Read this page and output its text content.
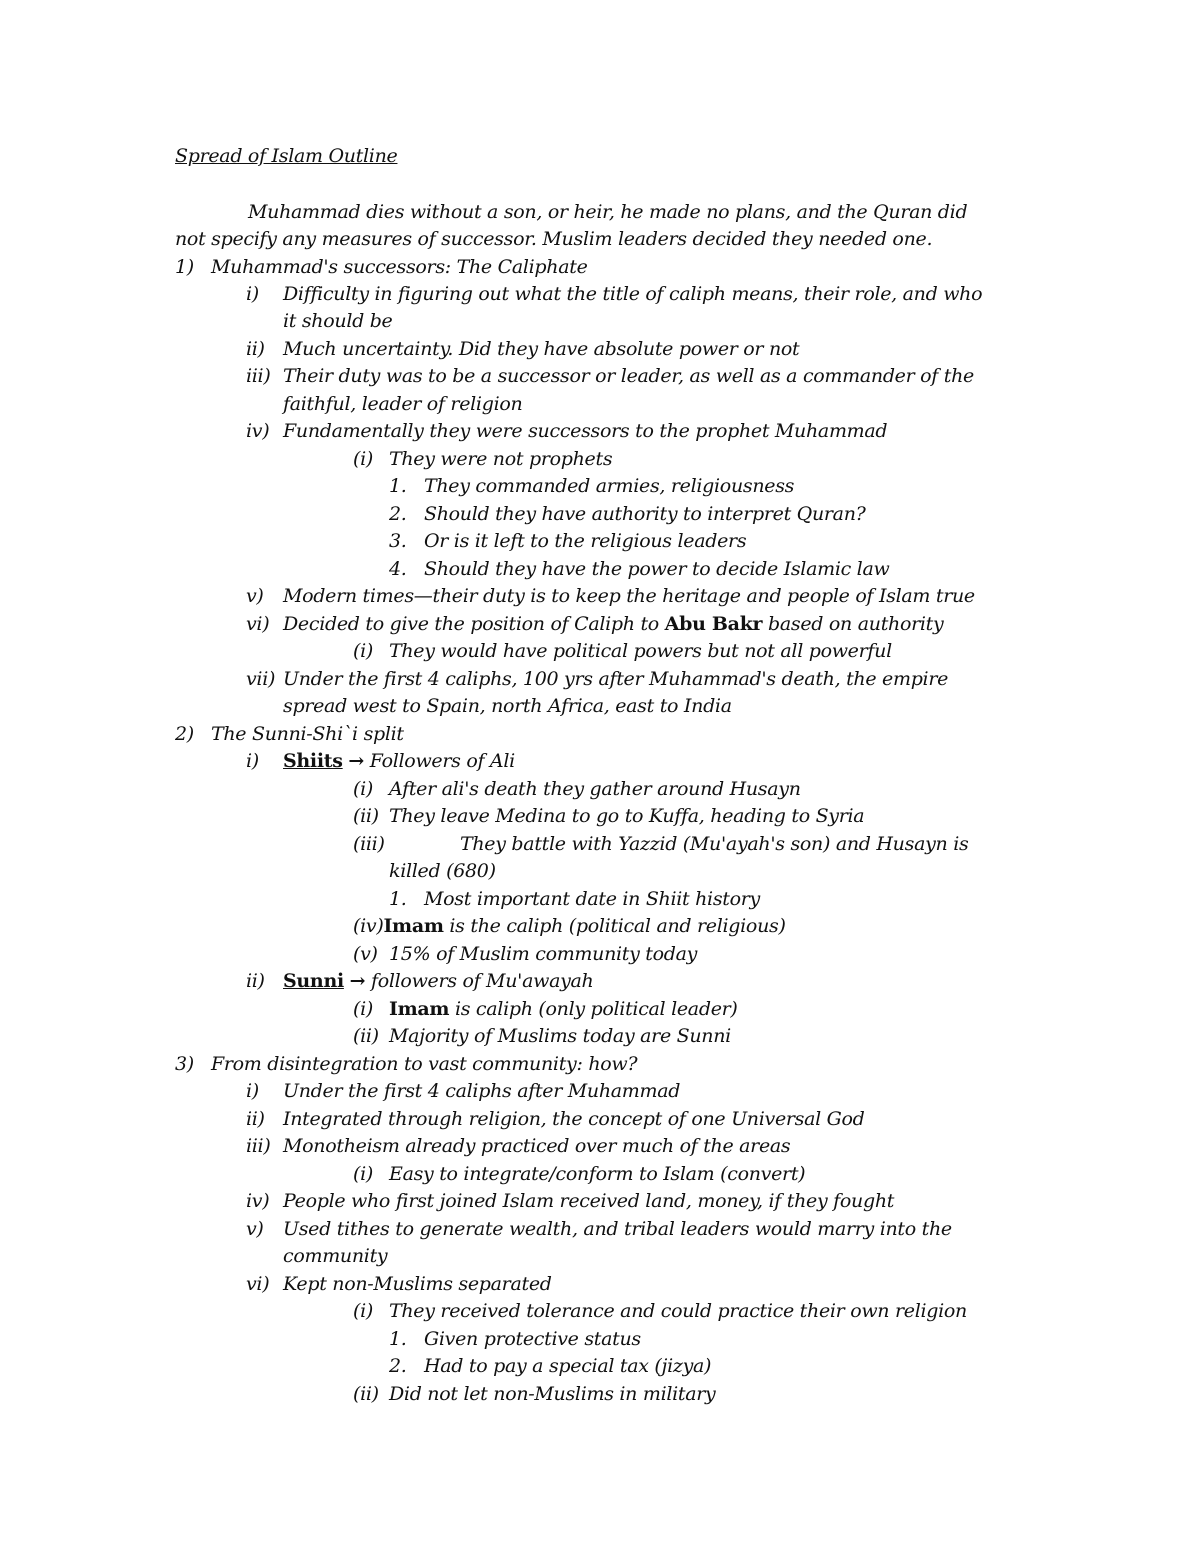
Spread of Islam Outline
Muhammad dies without a son, or heir, he made no plans, and the Quran did
not specify any measures of successor. Muslim leaders decided they needed one.
1) Muhammad's successors: The Caliphate
i) Difficulty in figuring out what the title of caliph means, their role, and who
it should be
ii) Much uncertainty. Did they have absolute power or not
iii) Their duty was to be a successor or leader, as well as a commander of the
faithful, leader of religion
iv) Fundamentally they were successors to the prophet Muhammad
(i) They were not prophets
1. They commanded armies, religiousness
2. Should they have authority to interpret Quran?
3. Or is it left to the religious leaders
4. Should they have the power to decide Islamic law
v) Modern times—their duty is to keep the heritage and people of Islam true
vi) Decided to give the position of Caliph to Abu Bakr based on authority
(i) They would have political powers but not all powerful
vii) Under the first 4 caliphs, 100 yrs after Muhammad's death, the empire
spread west to Spain, north Africa, east to India
2) The Sunni-Shi`i split
i) Shiits → Followers of Ali
(i) After ali's death they gather around Husayn
(ii) They leave Medina to go to Kuffa, heading to Syria
(iii)	They battle with Yazzid (Mu'ayah's son) and Husayn is
killed (680)
1. Most important date in Shiit history
(iv)Imam is the caliph (political and religious)
(v) 15% of Muslim community today
ii) Sunni → followers of Mu'awayah
(i) Imam is caliph (only political leader)
(ii) Majority of Muslims today are Sunni
3) From disintegration to vast community: how?
i) Under the first 4 caliphs after Muhammad
ii) Integrated through religion, the concept of one Universal God
iii) Monotheism already practiced over much of the areas
(i) Easy to integrate/conform to Islam (convert)
iv) People who first joined Islam received land, money, if they fought
v) Used tithes to generate wealth, and tribal leaders would marry into the
community
vi) Kept non-Muslims separated
(i) They received tolerance and could practice their own religion
1. Given protective status
2. Had to pay a special tax (jizya)
(ii) Did not let non-Muslims in military
